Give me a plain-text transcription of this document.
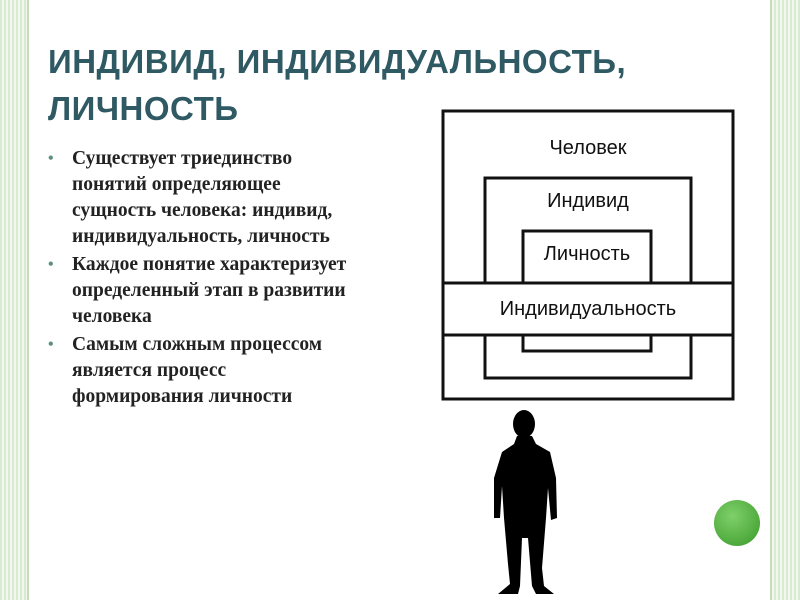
ИНДИВИД, ИНДИВИДУАЛЬНОСТЬ, ЛИЧНОСТЬ
• Существует триединство
понятий определяющее
сущность человека: индивид,
индивидуальность, личность
• Каждое понятие характеризует
определенный этап в развитии
человека
• Самым сложным процессом
является процесс
формирования личности
Человек
Индивид
Личность
Индивидуальность
